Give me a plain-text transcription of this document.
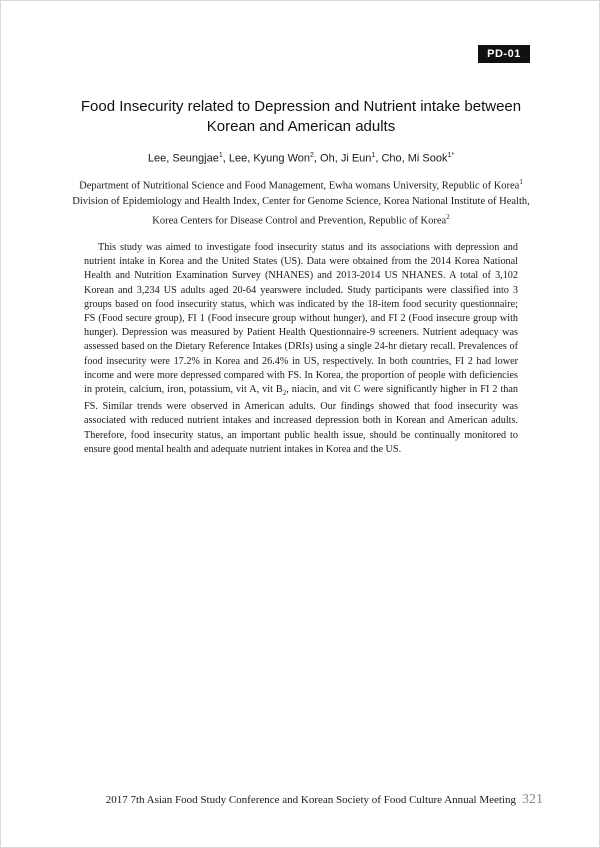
PD-01
Food Insecurity related to Depression and Nutrient intake between
Korean and American adults
Lee, Seungjae$^1$, Lee, Kyung Won$^2$, Oh, Ji Eun$^1$, Cho, Mi Sook$^{1*}$
Department of Nutritional Science and Food Management, Ewha womans University, Republic of Korea$^1$
Division of Epidemiology and Health Index, Center for Genome Science, Korea National Institute of Health,
Korea Centers for Disease Control and Prevention, Republic of Korea$^2$

This study was aimed to investigate food insecurity status and its associations with depression and nutrient intake in Korea and the United States (US). Data were obtained from the 2014 Korea National Health and Nutrition Examination Survey (NHANES) and 2013-2014 US NHANES. A total of 3,102 Korean and 3,234 US adults aged 20-64 yearswere included. Study participants were classified into 3 groups based on food insecurity status, which was indicated by the 18-item food security questionnaire; FS (Food secure group), FI 1 (Food insecure group without hunger), and FI 2 (Food insecure group with hunger). Depression was measured by Patient Health Questionnaire-9 screeners. Nutrient adequacy was assessed based on the Dietary Reference Intakes (DRIs) using a single 24-hr dietary recall. Prevalences of food insecurity were 17.2% in Korea and 26.4% in US, respectively. In both countries, FI 2 had lower income and were more depressed compared with FS. In Korea, the proportion of people with deficiencies in protein, calcium, iron, potassium, vit A, vit $B_2$, niacin, and vit C were significantly higher in FI 2 than FS. Similar trends were observed in American adults. Our findings showed that food insecurity was associated with reduced nutrient intakes and increased depression both in Korean and American adults. Therefore, food insecurity status, an important public health issue, should be continually monitored to ensure good mental health and adequate nutrient intakes in Korea and the US.

2017 7th Asian Food Study Conference and Korean Society of Food Culture Annual Meeting 321
